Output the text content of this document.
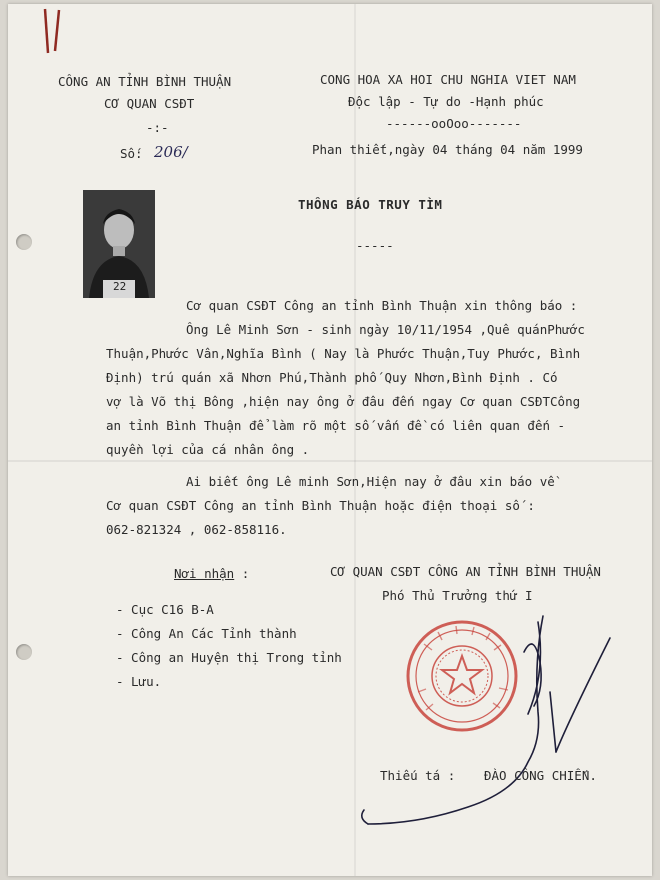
CÔNG AN TỈNH BÌNH THUẬN
CƠ QUAN CSĐT
-:-
Số: 206/
CONG HOA XA HOI CHU NGHIA VIET NAM
Độc lập - Tự do -Hạnh phúc
------ooOoo-------
Phan thiết,ngày 04 tháng 04 năm 1999
THÔNG BÁO TRUY TÌM
-----
22
Cơ quan CSĐT Công an tỉnh Bình Thuận xin thông báo :
Ông Lê Minh Sơn - sinh ngày 10/11/1954 ,Quê quánPhước
Thuận,Phước Vân,Nghĩa Bình ( Nay là Phước Thuận,Tuy Phước, Bình
Định) trú quán xã Nhơn Phú,Thành phố Quy Nhơn,Bình Định . Có
vợ là Võ thị Bông ,hiện nay ông ở đâu đến ngay Cơ quan CSĐTCông
an tỉnh Bình Thuận để làm rõ một số vấn đề có liên quan đến -
quyền lợi của cá nhân ông .
Ai biết ông Lê minh Sơn,Hiện nay ở đâu xin báo về
Cơ quan CSĐT Công an tỉnh Bình Thuận hoặc điện thoại số :
062-821324 , 062-858116.
Nơi nhận :
- Cục C16 B-A
- Công An Các Tỉnh thành
- Công an Huyện thị Trong tỉnh
- Lưu.
CƠ QUAN CSĐT CÔNG AN TỈNH BÌNH THUẬN
Phó Thủ Trưởng thứ I
Thiếu tá : ĐÀO CÔNG CHIẾN.
